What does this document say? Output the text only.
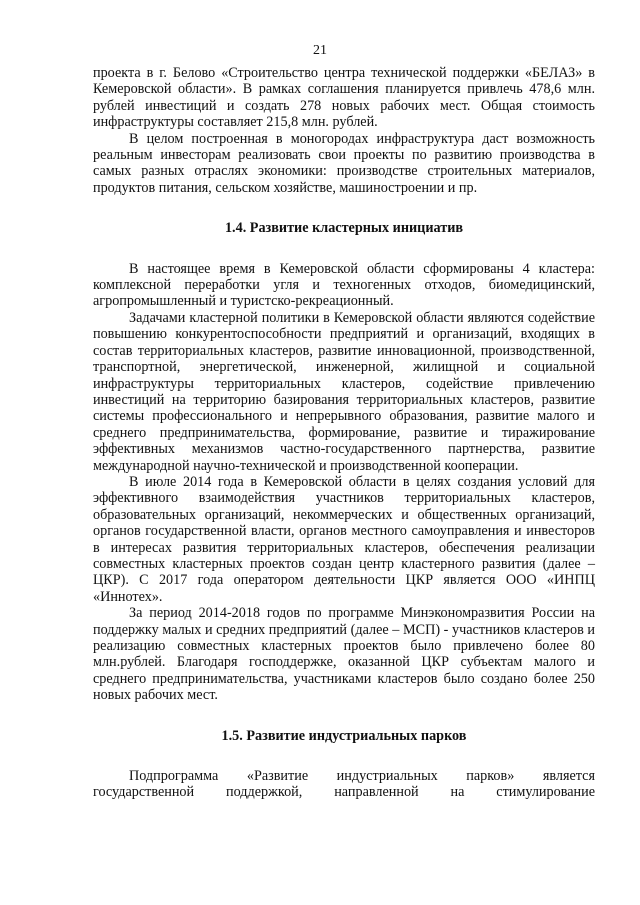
21

проекта в г. Белово «Строительство центра технической поддержки «БЕЛАЗ» в Кемеровской области». В рамках соглашения планируется привлечь 478,6 млн. рублей инвестиций и создать 278 новых рабочих мест. Общая стоимость инфраструктуры составляет 215,8 млн. рублей.

В целом построенная в моногородах инфраструктура даст возможность реальным инвесторам реализовать свои проекты по развитию производства в самых разных отраслях экономики: производстве строительных материалов, продуктов питания, сельском хозяйстве, машиностроении и пр.

1.4. Развитие кластерных инициатив

В настоящее время в Кемеровской области сформированы 4 кластера: комплексной переработки угля и техногенных отходов, биомедицинский, агропромышленный и туристско-рекреационный.

Задачами кластерной политики в Кемеровской области являются содействие повышению конкурентоспособности предприятий и организаций, входящих в состав территориальных кластеров, развитие инновационной, производственной, транспортной, энергетической, инженерной, жилищной и социальной инфраструктуры территориальных кластеров, содействие привлечению инвестиций на территорию базирования территориальных кластеров, развитие системы профессионального и непрерывного образования, развитие малого и среднего предпринимательства, формирование, развитие и тиражирование эффективных механизмов частно-государственного партнерства, развитие международной научно-технической и производственной кооперации.

В июле 2014 года в Кемеровской области в целях создания условий для эффективного взаимодействия участников территориальных кластеров, образовательных организаций, некоммерческих и общественных организаций, органов государственной власти, органов местного самоуправления и инвесторов в интересах развития территориальных кластеров, обеспечения реализации совместных кластерных проектов создан центр кластерного развития (далее – ЦКР). С 2017 года оператором деятельности ЦКР является ООО «ИНПЦ «Иннотех».

За период 2014-2018 годов по программе Минэкономразвития России на поддержку малых и средних предприятий (далее – МСП) - участников кластеров и реализацию совместных кластерных проектов было привлечено более 80 млн.рублей. Благодаря господдержке, оказанной ЦКР субъектам малого и среднего предпринимательства, участниками кластеров было создано более 250 новых рабочих мест.

1.5. Развитие индустриальных парков

Подпрограмма «Развитие индустриальных парков» является государственной поддержкой, направленной на стимулирование
